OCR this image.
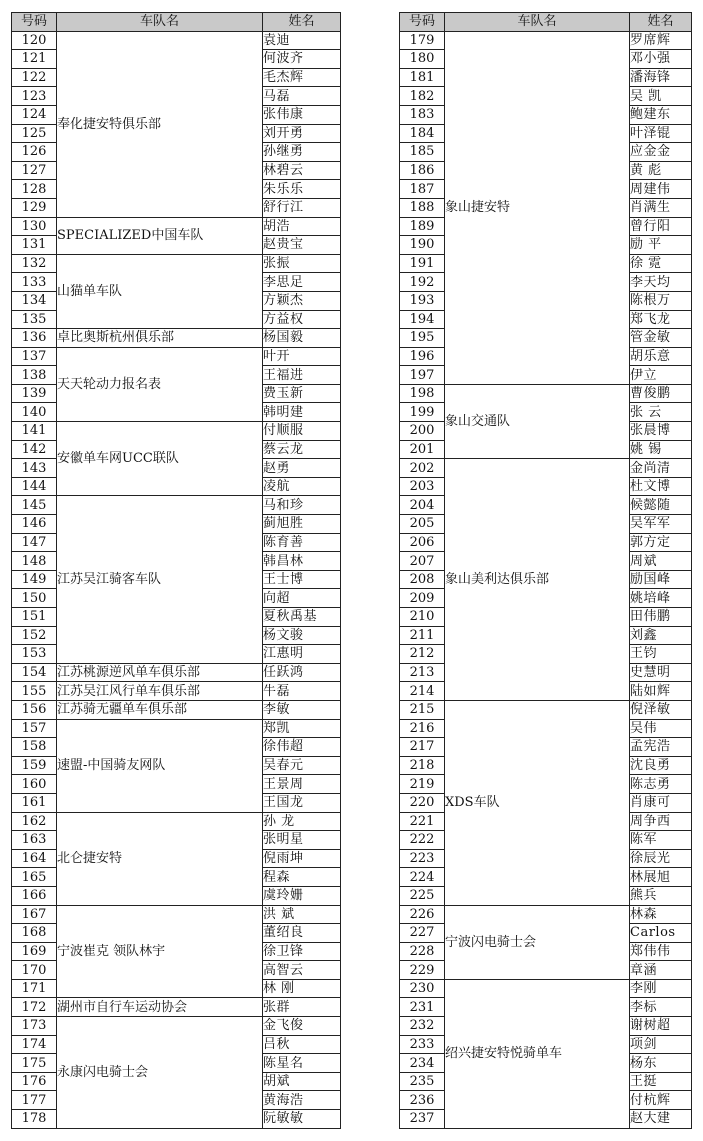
号码	车队名	姓名
120	奉化捷安特俱乐部	袁迪
121		何波齐
122		毛杰辉
123		马磊
124		张伟康
125		刘开勇
126		孙继勇
127		林碧云
128		朱乐乐
129		舒行江
130	SPECIALIZED中国车队	胡浩
131		赵贵宝
132	山猫单车队	张振
133		李思足
134		方颖杰
135		方益权
136	卓比奥斯杭州俱乐部	杨国毅
137	天天轮动力报名表	叶开
138		王福进
139		费玉新
140		韩明建
141	安徽单车网UCC联队	付顺服
142		蔡云龙
143		赵勇
144		凌航
145	江苏吴江骑客车队	马和珍
146		蓟旭胜
147		陈育善
148		韩昌林
149		王士博
150		向超
151		夏秋禹基
152		杨文骏
153		江惠明
154	江苏桃源逆风单车俱乐部	任跃鸿
155	江苏吴江风行单车俱乐部	牛磊
156	江苏骑无疆单车俱乐部	李敏
157	速盟-中国骑友网队	郑凯
158		徐伟超
159		吴春元
160		王景周
161		王国龙
162	北仑捷安特	孙 龙
163		张明星
164		倪雨坤
165		程森
166		虞玲姗
167	宁波崔克 领队林宇	洪 斌
168		董绍良
169		徐卫锋
170		高智云
171		林 刚
172	湖州市自行车运动协会	张群
173	永康闪电骑士会	金飞俊
174		吕秋
175		陈星名
176		胡斌
177		黄海浩
178		阮敏敏
号码	车队名	姓名
179	象山捷安特	罗席辉
180		邓小强
181		潘海锋
182		吴 凯
183		鲍建东
184		叶泽锟
185		应金金
186		黄 彪
187		周建伟
188		肖满生
189		曾行阳
190		励 平
191		徐 霓
192		李天均
193		陈根万
194		郑飞龙
195		管金敏
196		胡乐意
197		伊立
198	象山交通队	曹俊鹏
199		张 云
200		张晨博
201		姚 锡
202	象山美利达俱乐部	金尚清
203		杜文博
204		候懿随
205		吴军军
206		郭方定
207		周斌
208		励国峰
209		姚培峰
210		田伟鹏
211		刘鑫
212		王钧
213		史慧明
214		陆如辉
215	XDS车队	倪泽敏
216		吴伟
217		孟宪浩
218		沈良勇
219		陈志勇
220		肖康可
221		周争西
222		陈军
223		徐辰光
224		林展旭
225		熊兵
226	宁波闪电骑士会	林森
227		Carlos
228		郑伟伟
229		章涵
230	绍兴捷安特悦骑单车	李刚
231		李标
232		谢树超
233		项剑
234		杨东
235		王挺
236		付杭辉
237		赵大建
